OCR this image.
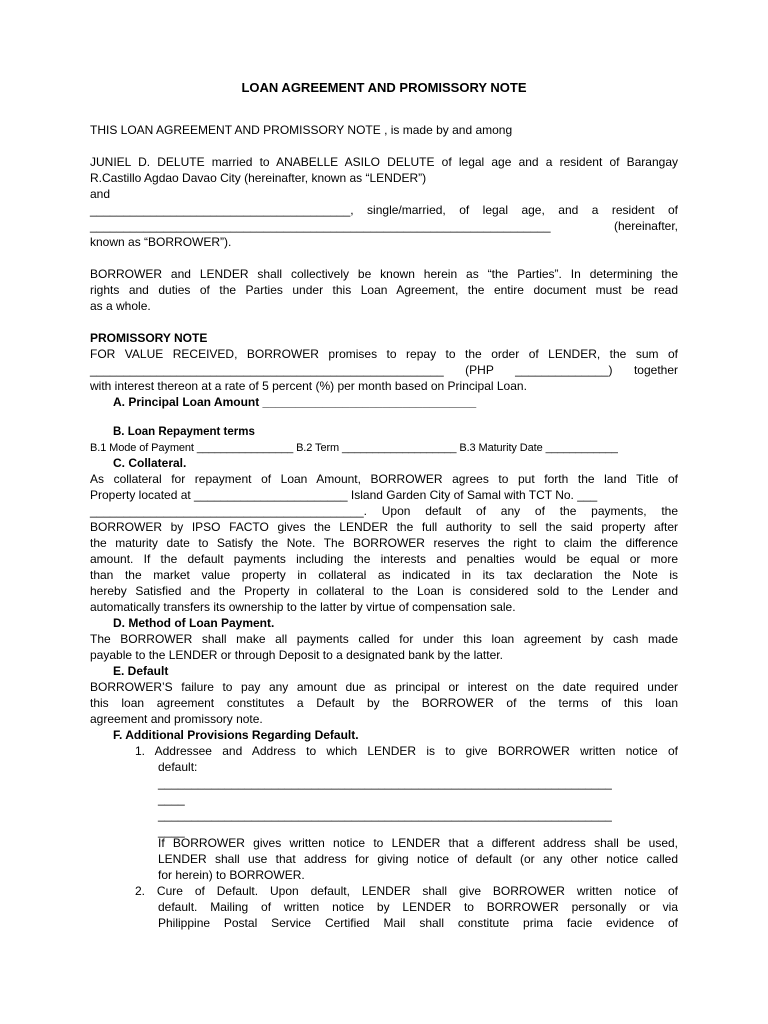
LOAN AGREEMENT AND PROMISSORY NOTE
THIS LOAN AGREEMENT AND PROMISSORY NOTE , is made by and among
JUNIEL D. DELUTE married to ANABELLE ASILO DELUTE of legal age and a resident of Barangay
R.Castillo Agdao Davao City (hereinafter, known as “LENDER”)
and
_______________________________________, single/married, of legal age, and a resident of
_____________________________________________________________________ (hereinafter,
known as “BORROWER”).
BORROWER and LENDER shall collectively be known herein as “the Parties”. In determining the
rights and duties of the Parties under this Loan Agreement, the entire document must be read
as a whole.
PROMISSORY NOTE
FOR VALUE RECEIVED, BORROWER promises to repay to the order of LENDER, the sum of
_____________________________________________________ (PHP ______________) together
with interest thereon at a rate of 5 percent (%) per month based on Principal Loan.
A. Principal Loan Amount ________________________________
B. Loan Repayment terms
B.1 Mode of Payment ________________ B.2 Term ___________________ B.3 Maturity Date ____________
C. Collateral.
As collateral for repayment of Loan Amount, BORROWER agrees to put forth the land Title of
Property located at _______________________ Island Garden City of Samal with TCT No. ___
_________________________________________. Upon default of any of the payments, the
BORROWER by IPSO FACTO gives the LENDER the full authority to sell the said property after
the maturity date to Satisfy the Note. The BORROWER reserves the right to claim the difference
amount. If the default payments including the interests and penalties would be equal or more
than the market value property in collateral as indicated in its tax declaration the Note is
hereby Satisfied and the Property in collateral to the Loan is considered sold to the Lender and
automatically transfers its ownership to the latter by virtue of compensation sale.
D. Method of Loan Payment.
The BORROWER shall make all payments called for under this loan agreement by cash made
payable to the LENDER or through Deposit to a designated bank by the latter.
E. Default
BORROWER’S failure to pay any amount due as principal or interest on the date required under
this loan agreement constitutes a Default by the BORROWER of the terms of this loan
agreement and promissory note.
F. Additional Provisions Regarding Default.
1. Addressee and Address to which LENDER is to give BORROWER written notice of
default:
____________________________________________________________________
____
____________________________________________________________________
____
If BORROWER gives written notice to LENDER that a different address shall be used,
LENDER shall use that address for giving notice of default (or any other notice called
for herein) to BORROWER.
2. Cure of Default. Upon default, LENDER shall give BORROWER written notice of
default. Mailing of written notice by LENDER to BORROWER personally or via
Philippine Postal Service Certified Mail shall constitute prima facie evidence of
